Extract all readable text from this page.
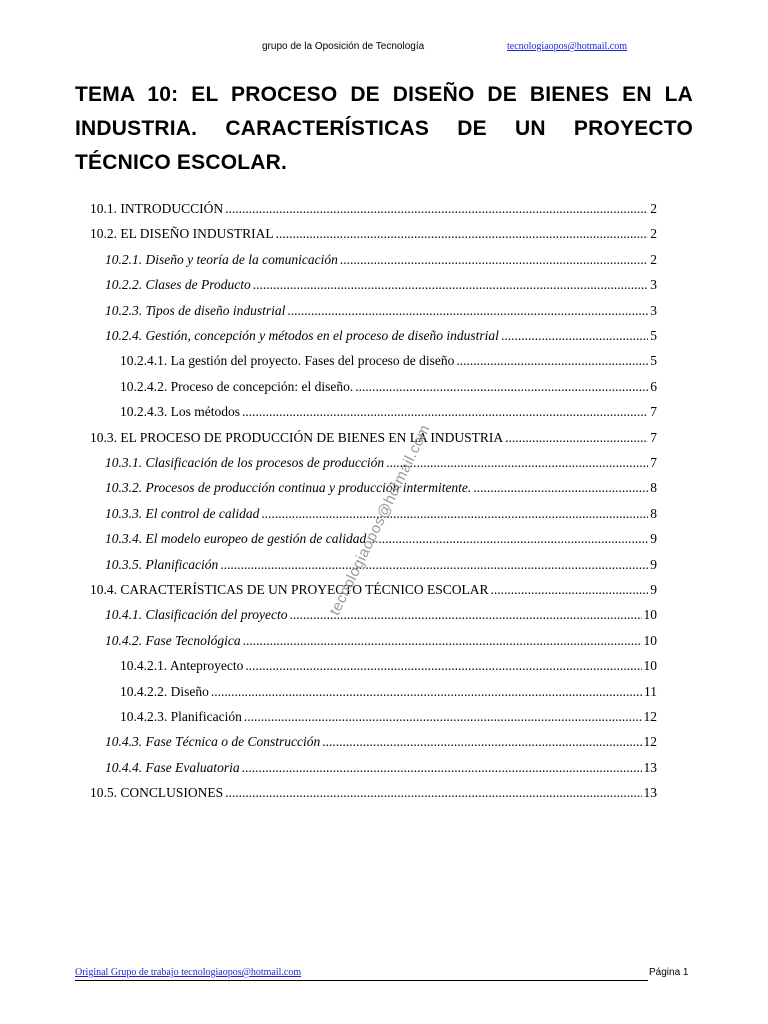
grupo de la Oposición de Tecnología	tecnologiaopos@hotmail.com
TEMA 10: EL PROCESO DE DISEÑO DE BIENES EN LA INDUSTRIA. CARACTERÍSTICAS DE UN PROYECTO TÉCNICO ESCOLAR.
10.1. INTRODUCCIÓN .....	2
10.2. EL DISEÑO INDUSTRIAL .....	2
10.2.1. Diseño y teoría de la comunicación .....	2
10.2.2. Clases de Producto .....	3
10.2.3. Tipos de diseño industrial .....	3
10.2.4. Gestión, concepción y métodos en el proceso de diseño industrial .....	5
10.2.4.1. La gestión del proyecto. Fases del proceso de diseño .....	5
10.2.4.2. Proceso de concepción: el diseño. .....	6
10.2.4.3. Los métodos .....	7
10.3. EL PROCESO DE PRODUCCIÓN DE BIENES EN LA INDUSTRIA .....	7
10.3.1. Clasificación de los procesos de producción .....	7
10.3.2. Procesos de producción continua y producción intermitente. .....	8
10.3.3. El control de calidad .....	8
10.3.4. El modelo europeo de gestión de calidad .....	9
10.3.5. Planificación .....	9
10.4. CARACTERÍSTICAS DE UN PROYECTO TÉCNICO ESCOLAR .....	9
10.4.1. Clasificación del proyecto .....	10
10.4.2. Fase Tecnológica .....	10
10.4.2.1. Anteproyecto .....	10
10.4.2.2. Diseño .....	11
10.4.2.3. Planificación .....	12
10.4.3. Fase Técnica o de Construcción .....	12
10.4.4. Fase Evaluatoria .....	13
10.5. CONCLUSIONES .....	13
tecnologiaopos@hotmail.com
Original Grupo de trabajo tecnologiaopos@hotmail.com	Página 1
